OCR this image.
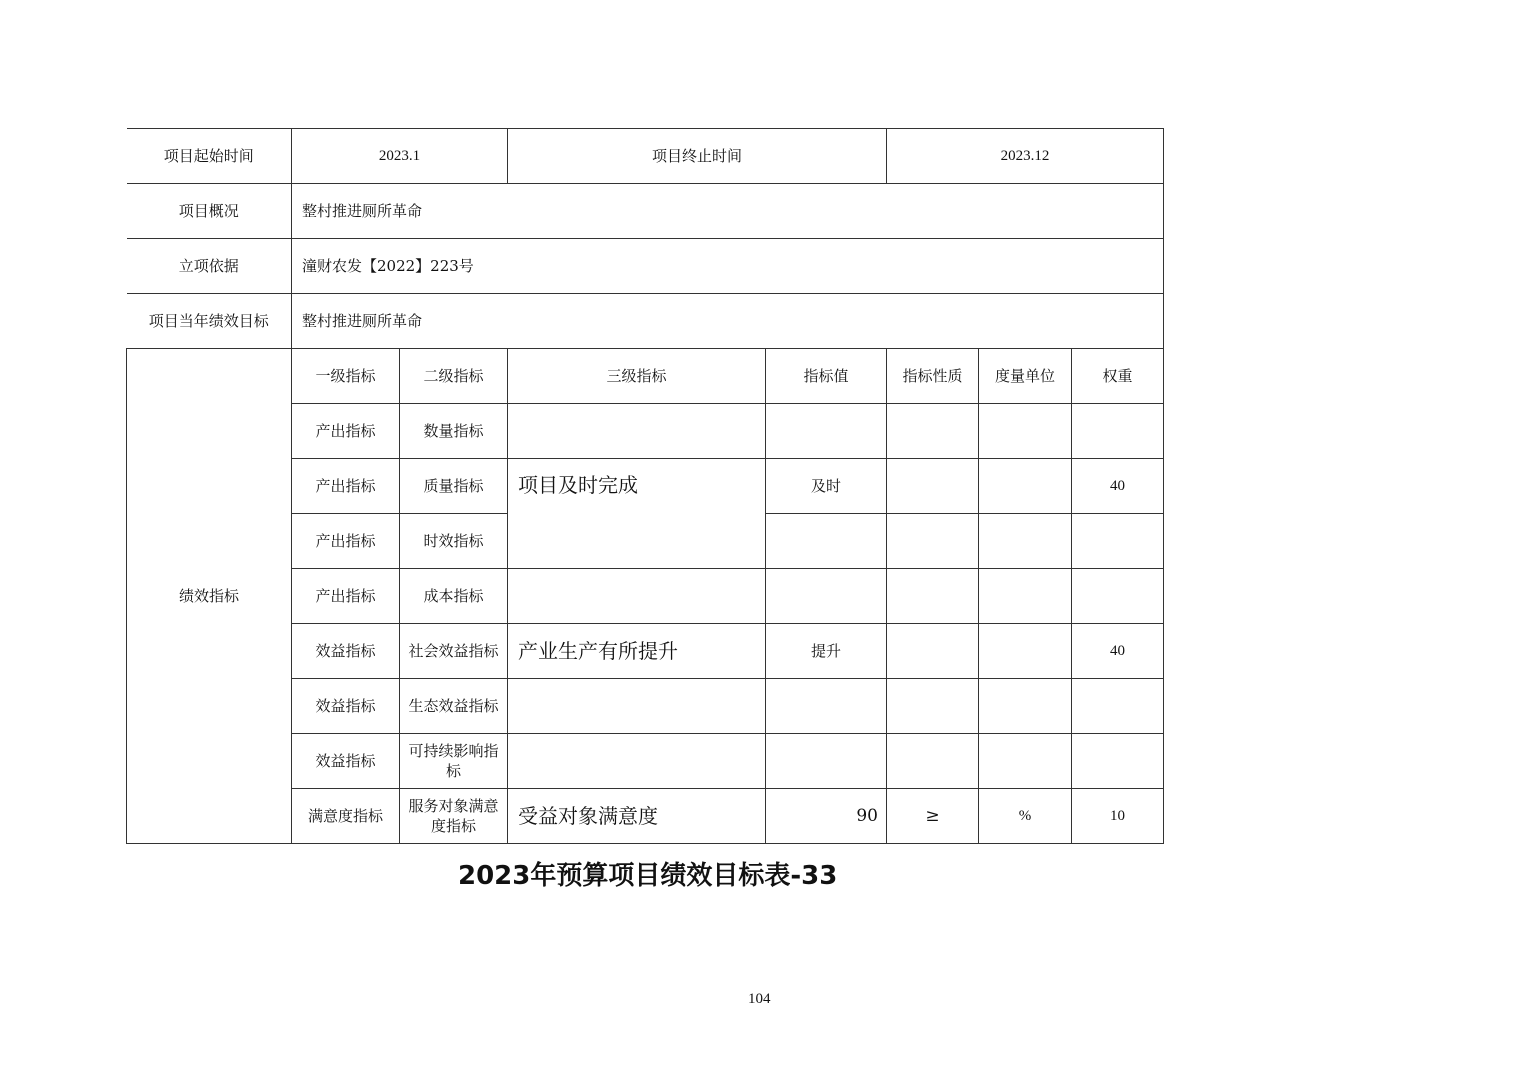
项目起始时间	2023.1		项目终止时间		2023.12		
项目概况	整村推进厕所革命						
立项依据	潼财农发【2022】223号						
项目当年绩效目标	整村推进厕所革命						
绩效指标	一级指标	二级指标	三级指标	指标值	指标性质	度量单位	权重
	产出指标	数量指标					
	产出指标	质量指标	项目及时完成	及时			40
	产出指标	时效指标					
	产出指标	成本指标					
	效益指标	社会效益指标	产业生产有所提升	提升			40
	效益指标	生态效益指标					
	效益指标	可持续影响指标					
	满意度指标	服务对象满意度指标	受益对象满意度	90	≥	%	10
2023年预算项目绩效目标表-33
104
